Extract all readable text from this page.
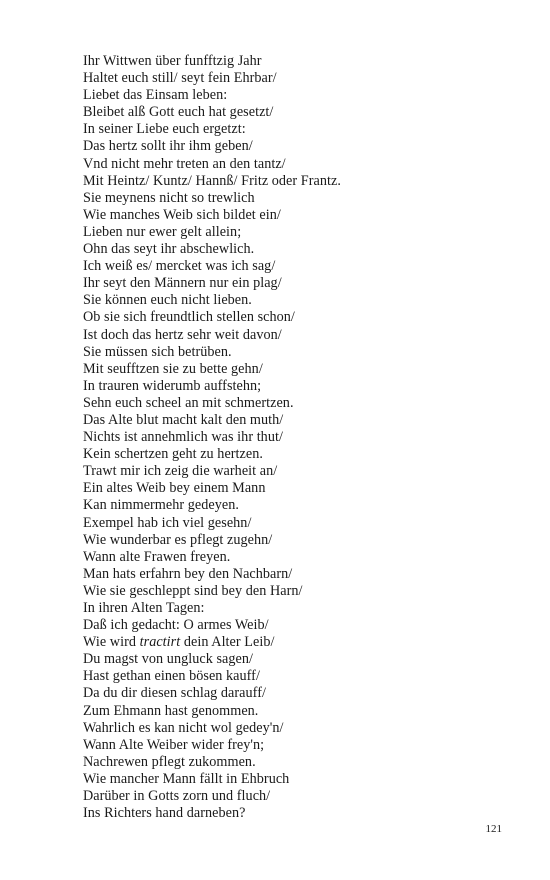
Ihr Wittwen über funfftzig Jahr
Haltet euch still/ seyt fein Ehrbar/
Liebet das Einsam leben:
Bleibet alß Gott euch hat gesetzt/
In seiner Liebe euch ergetzt:
Das hertz sollt ihr ihm geben/
Vnd nicht mehr treten an den tantz/
Mit Heintz/ Kuntz/ Hannß/ Fritz oder Frantz.
Sie meynens nicht so trewlich
Wie manches Weib sich bildet ein/
Lieben nur ewer gelt allein;
Ohn das seyt ihr abschewlich.
Ich weiß es/ mercket was ich sag/
Ihr seyt den Männern nur ein plag/
Sie können euch nicht lieben.
Ob sie sich freundtlich stellen schon/
Ist doch das hertz sehr weit davon/
Sie müssen sich betrüben.
Mit seufftzen sie zu bette gehn/
In trauren widerumb auffstehn;
Sehn euch scheel an mit schmertzen.
Das Alte blut macht kalt den muth/
Nichts ist annehmlich was ihr thut/
Kein schertzen geht zu hertzen.
Trawt mir ich zeig die warheit an/
Ein altes Weib bey einem Mann
Kan nimmermehr gedeyen.
Exempel hab ich viel gesehn/
Wie wunderbar es pflegt zugehn/
Wann alte Frawen freyen.
Man hats erfahrn bey den Nachbarn/
Wie sie geschleppt sind bey den Harn/
In ihren Alten Tagen:
Daß ich gedacht: O armes Weib/
Wie wird tractirt dein Alter Leib/
Du magst von ungluck sagen/
Hast gethan einen bösen kauff/
Da du dir diesen schlag darauff/
Zum Ehmann hast genommen.
Wahrlich es kan nicht wol gedey'n/
Wann Alte Weiber wider frey'n;
Nachrewen pflegt zukommen.
Wie mancher Mann fällt in Ehbruch
Darüber in Gotts zorn und fluch/
Ins Richters hand darneben?
121
